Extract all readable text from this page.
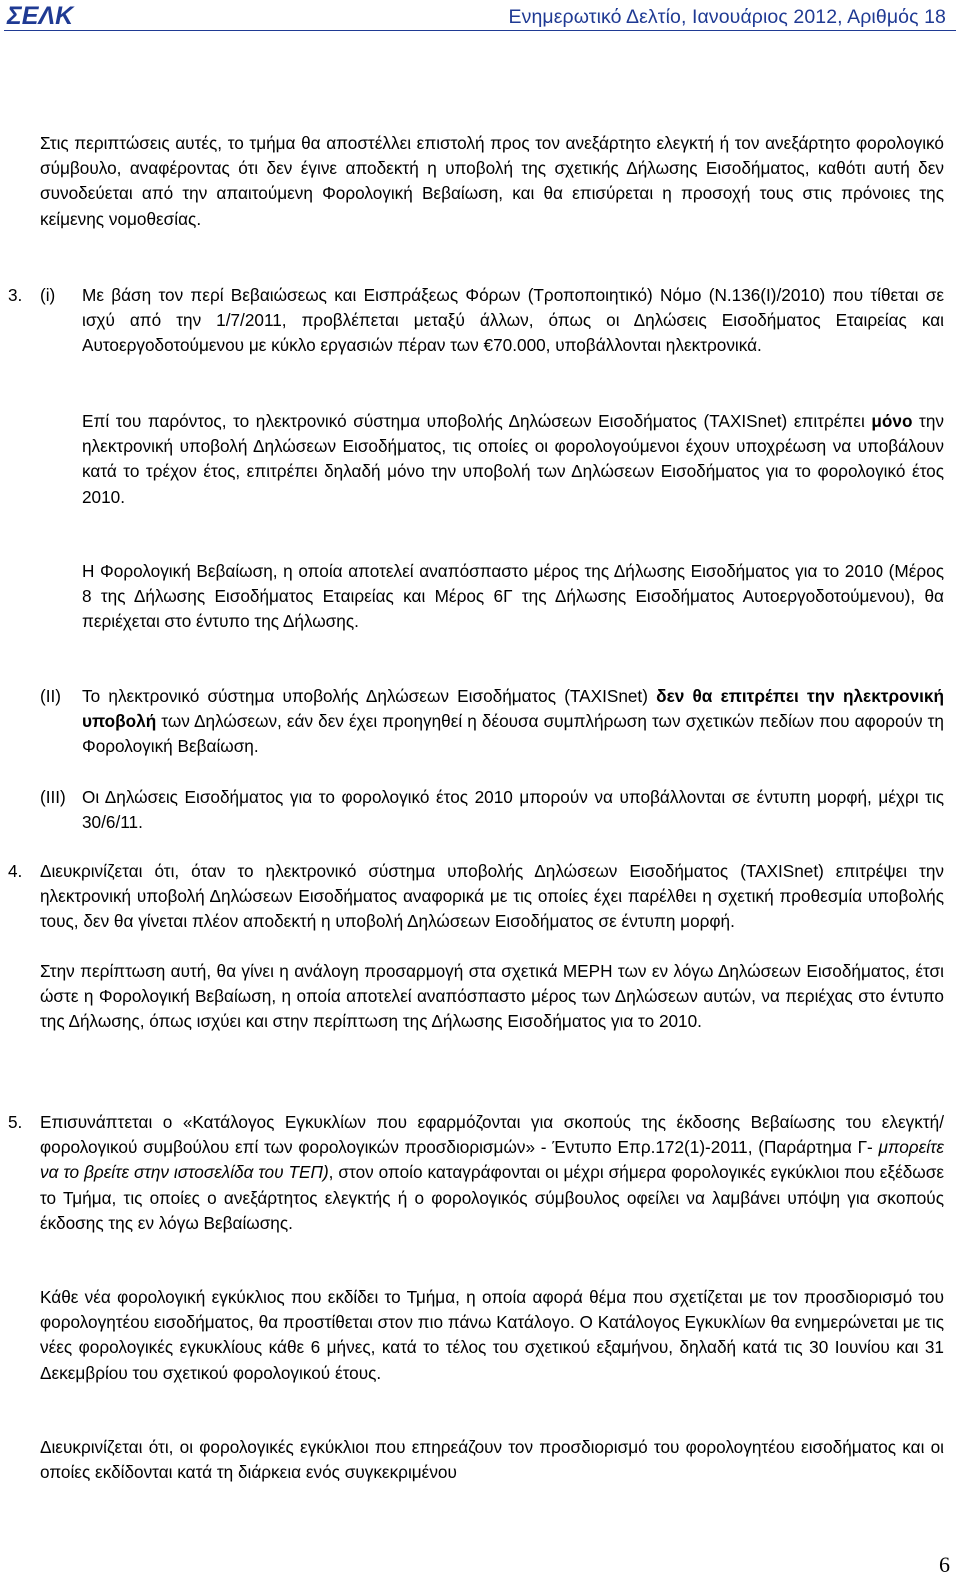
ΣΕΛΚ	Ενημερωτικό Δελτίο, Ιανουάριος 2012, Αριθμός 18

Στις περιπτώσεις αυτές, το τμήμα θα αποστέλλει επιστολή προς τον ανεξάρτητο ελεγκτή ή τον ανεξάρτητο φορολογικό σύμβουλο, αναφέροντας ότι δεν έγινε αποδεκτή η υποβολή της σχετικής Δήλωσης Εισοδήματος, καθότι αυτή δεν συνοδεύεται από την απαιτούμενη Φορολογική Βεβαίωση, και θα επισύρεται η προσοχή τους στις πρόνοιες της κείμενης νομοθεσίας.

3. (i) Με βάση τον περί Βεβαιώσεως και Εισπράξεως Φόρων (Τροποποιητικό) Νόμο (Ν.136(Ι)/2010) που τίθεται σε ισχύ από την 1/7/2011, προβλέπεται μεταξύ άλλων, όπως οι Δηλώσεις Εισοδήματος Εταιρείας και Αυτοεργοδοτούμενου με κύκλο εργασιών πέραν των €70.000, υποβάλλονται ηλεκτρονικά.

Επί του παρόντος, το ηλεκτρονικό σύστημα υποβολής Δηλώσεων Εισοδήματος (TAXISnet) επιτρέπει μόνο την ηλεκτρονική υποβολή Δηλώσεων Εισοδήματος, τις οποίες οι φορολογούμενοι έχουν υποχρέωση να υποβάλουν κατά το τρέχον έτος, επιτρέπει δηλαδή μόνο την υποβολή των Δηλώσεων Εισοδήματος για το φορολογικό έτος 2010.

Η Φορολογική Βεβαίωση, η οποία αποτελεί αναπόσπαστο μέρος της Δήλωσης Εισοδήματος για το 2010 (Μέρος 8 της Δήλωσης Εισοδήματος Εταιρείας και Μέρος 6Γ της Δήλωσης Εισοδήματος Αυτοεργοδοτούμενου), θα περιέχεται στο έντυπο της Δήλωσης.

(ΙΙ) Το ηλεκτρονικό σύστημα υποβολής Δηλώσεων Εισοδήματος (TAXISnet) δεν θα επιτρέπει την ηλεκτρονική υποβολή των Δηλώσεων, εάν δεν έχει προηγηθεί η δέουσα συμπλήρωση των σχετικών πεδίων που αφορούν τη Φορολογική Βεβαίωση.

(ΙΙΙ) Οι Δηλώσεις Εισοδήματος για το φορολογικό έτος 2010 μπορούν να υποβάλλονται σε έντυπη μορφή, μέχρι τις 30/6/11.

4. Διευκρινίζεται ότι, όταν το ηλεκτρονικό σύστημα υποβολής Δηλώσεων Εισοδήματος (TAXISnet) επιτρέψει την ηλεκτρονική υποβολή Δηλώσεων Εισοδήματος αναφορικά με τις οποίες έχει παρέλθει η σχετική προθεσμία υποβολής τους, δεν θα γίνεται πλέον αποδεκτή η υποβολή Δηλώσεων Εισοδήματος σε έντυπη μορφή.

Στην περίπτωση αυτή, θα γίνει η ανάλογη προσαρμογή στα σχετικά ΜΕΡΗ των εν λόγω Δηλώσεων Εισοδήματος, έτσι ώστε η Φορολογική Βεβαίωση, η οποία αποτελεί αναπόσπαστο μέρος των Δηλώσεων αυτών, να περιέχας στο έντυπο της Δήλωσης, όπως ισχύει και στην περίπτωση της Δήλωσης Εισοδήματος για το 2010.

5. Επισυνάπτεται ο «Κατάλογος Εγκυκλίων που εφαρμόζονται για σκοπούς της έκδοσης Βεβαίωσης του ελεγκτή/φορολογικού συμβούλου επί των φορολογικών προσδιορισμών» - Έντυπο Επρ.172(1)-2011, (Παράρτημα Γ- μπορείτε να το βρείτε στην ιστοσελίδα του ΤΕΠ), στον οποίο καταγράφονται οι μέχρι σήμερα φορολογικές εγκύκλιοι που εξέδωσε το Τμήμα, τις οποίες ο ανεξάρτητος ελεγκτής ή ο φορολογικός σύμβουλος οφείλει να λαμβάνει υπόψη για σκοπούς έκδοσης της εν λόγω Βεβαίωσης.

Κάθε νέα φορολογική εγκύκλιος που εκδίδει το Τμήμα, η οποία αφορά θέμα που σχετίζεται με τον προσδιορισμό του φορολογητέου εισοδήματος, θα προστίθεται στον πιο πάνω Κατάλογο. Ο Κατάλογος Εγκυκλίων θα ενημερώνεται με τις νέες φορολογικές εγκυκλίους κάθε 6 μήνες, κατά το τέλος του σχετικού εξαμήνου, δηλαδή κατά τις 30 Ιουνίου και 31 Δεκεμβρίου του σχετικού φορολογικού έτους.

Διευκρινίζεται ότι, οι φορολογικές εγκύκλιοι που επηρεάζουν τον προσδιορισμό του φορολογητέου εισοδήματος και οι οποίες εκδίδονται κατά τη διάρκεια ενός συγκεκριμένου

6
